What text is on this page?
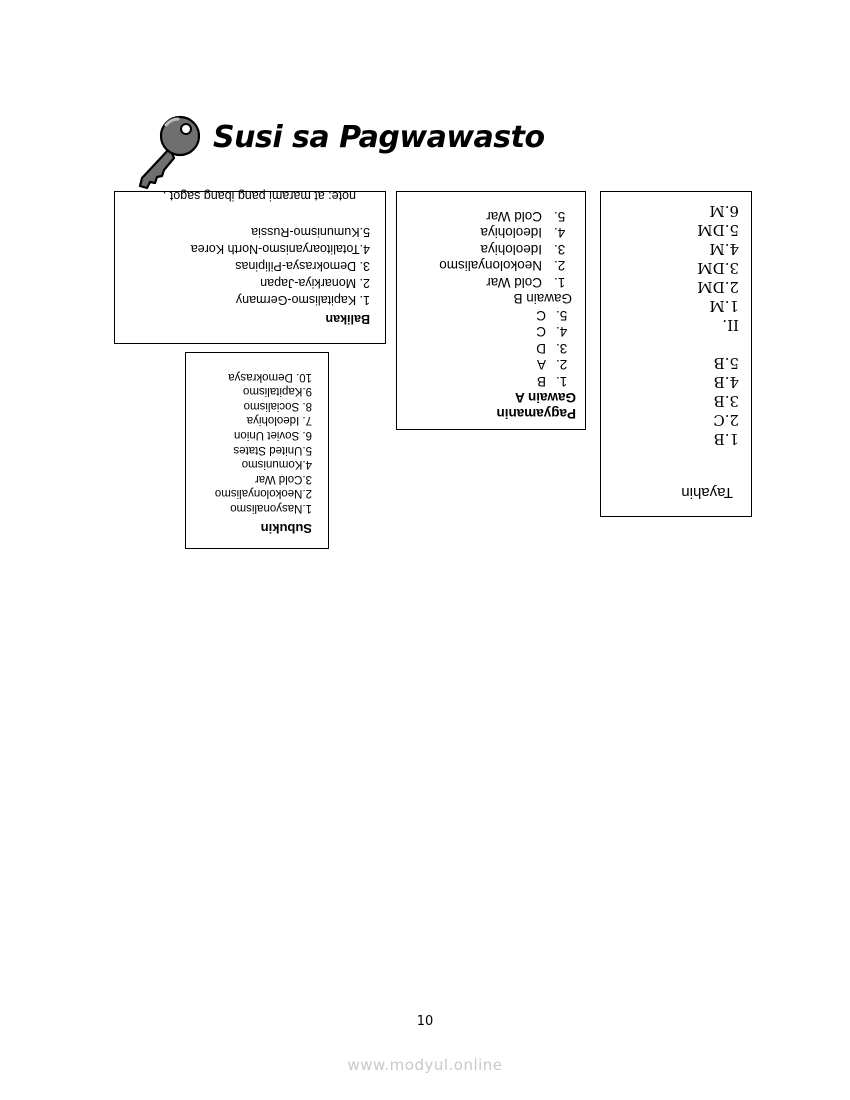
Susi sa Pagwawasto
Tayahin
1.B
2.C
3.B
4.B
5.B
II.
1.M
2.DM
3.DM
4.M
5.DM
6.M
Pagyamanin
Gawain A
1.B
2.A
3.D
4.C
5.C
Gawain B
1.Cold War
2.Neokolonyalismo
3.Ideolohiya
4.Ideolohiya
5.Cold War
Balikan
1. Kapitalismo-Germany
2. Monarkiya-Japan
3. Demokrasya-Pilipinas
4.Totalitoaryanismo-North Korea
5.Kumunismo-Russia
note: at marami pang ibang sagot .
Subukin
1.Nasyonalismo
2.Neokolonyalismo
3.Cold War
4.Komunismo
5.United States
6. Soviet Union
7. Ideolohiya
8. Socialismo
9.Kapitalismo
10. Demokrasya
10
www.modyul.online
